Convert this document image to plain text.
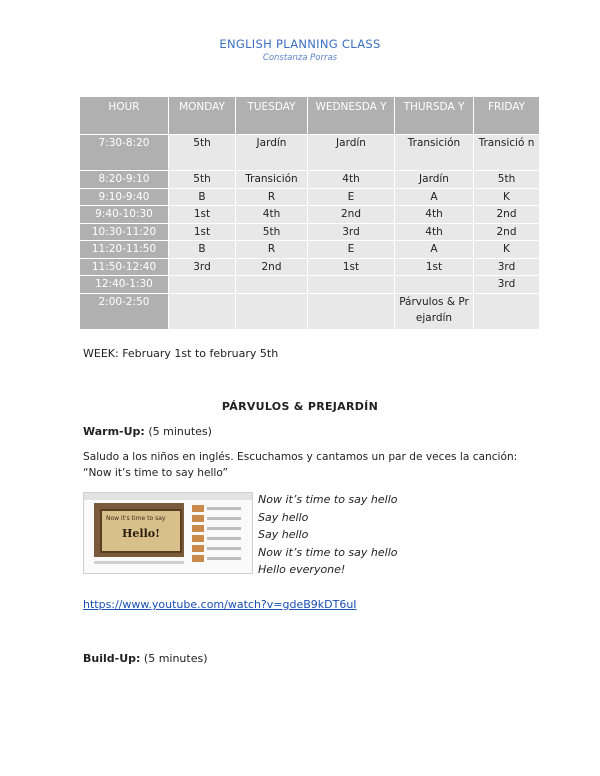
ENGLISH PLANNING CLASS
Constanza Porras
HOUR	MONDAY	TUESDAY	WEDNESDA Y	THURSDA Y	FRIDAY
7:30-8:20	5th	Jardín	Jardín	Transición	Transició n
8:20-9:10	5th	Transición	4th	Jardín	5th
9:10-9:40	B	R	E	A	K
9:40-10:30	1st	4th	2nd	4th	2nd
10:30-11:20	1st	5th	3rd	4th	2nd
11:20-11:50	B	R	E	A	K
11:50-12:40	3rd	2nd	1st	1st	3rd
12:40-1:30					3rd
2:00-2:50				Párvulos & Prejardín	
WEEK: February 1st to february 5th
PÁRVULOS & PREJARDÍN
Warm-Up: (5 minutes)
Saludo a los niños en inglés. Escuchamos y cantamos un par de veces la canción:
“Now it’s time to say hello”
Now it's time to say
Hello!
Now it’s time to say hello
Say hello
Say hello
Now it’s time to say hello
Hello everyone!
https://www.youtube.com/watch?v=gdeB9kDT6uI
Build-Up: (5 minutes)
